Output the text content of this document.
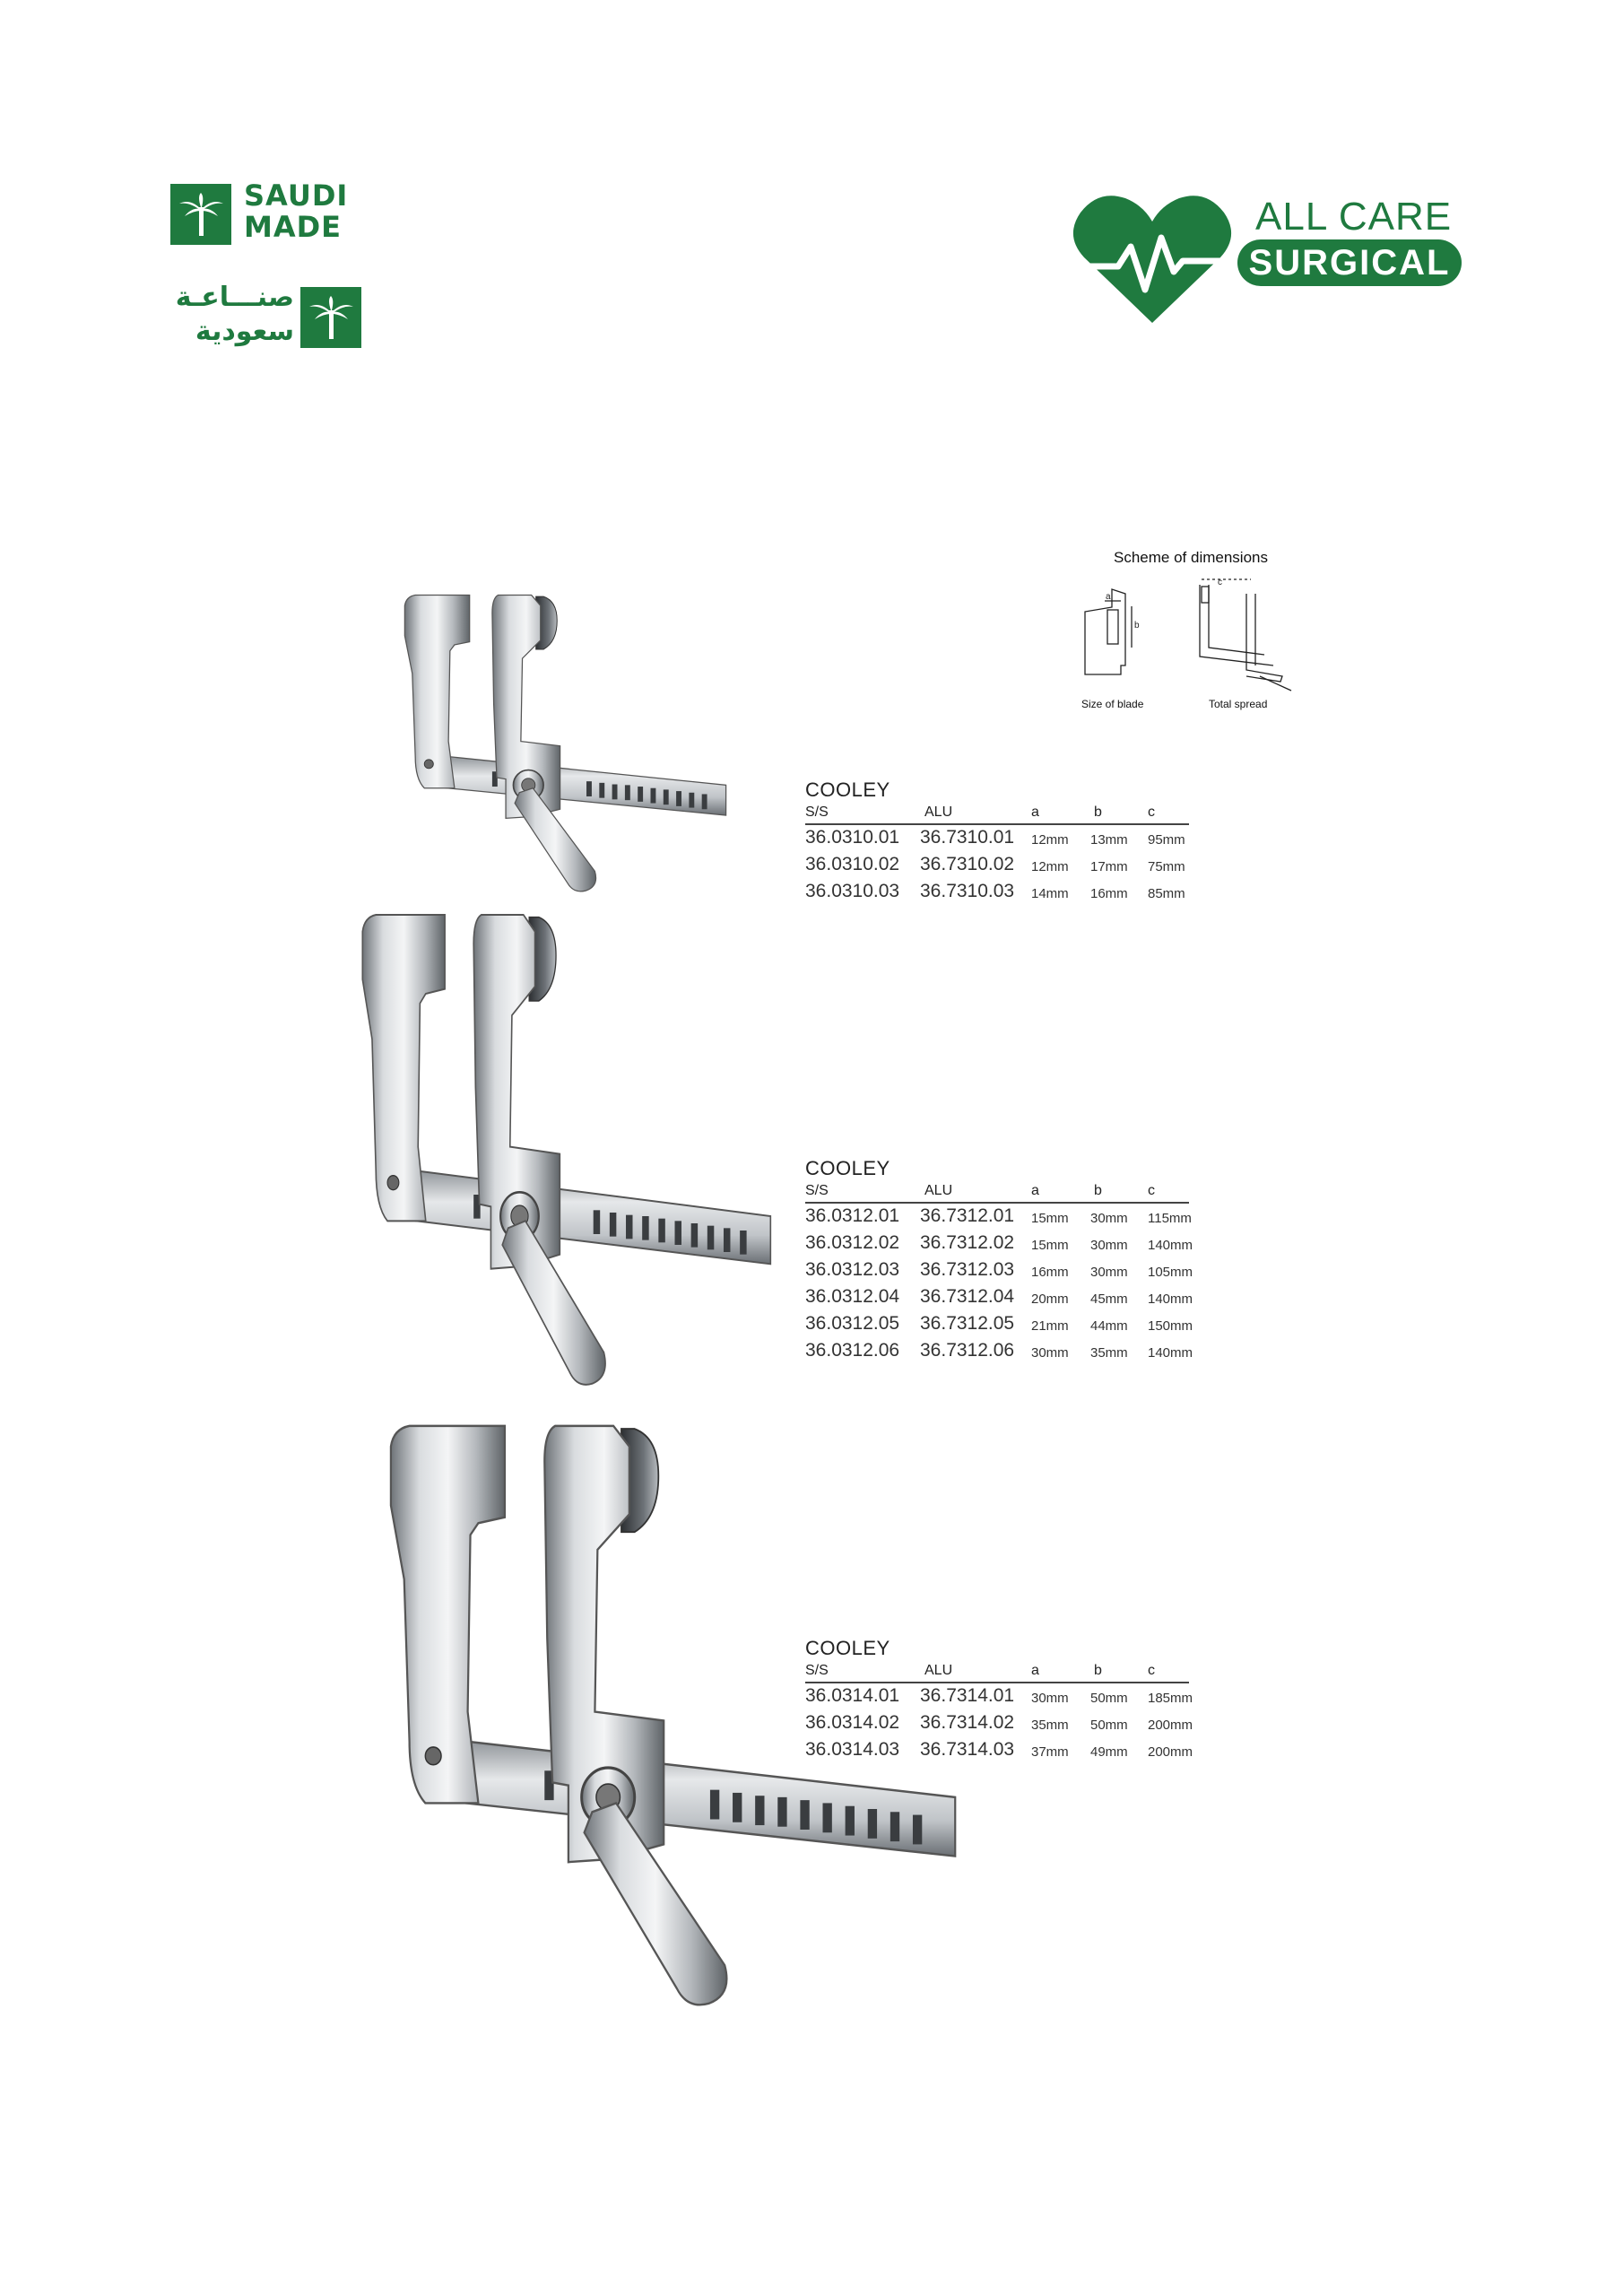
SAUDI
MADE
صنـــاعـة
سعودية
ALL CARE
SURGICAL
Scheme of dimensions
a
b
c
Size of blade	Total spread
COOLEY
S/S	ALU	a	b	c
36.0310.01 36.7310.01 12mm 13mm 95mm
36.0310.02 36.7310.02 12mm 17mm 75mm
36.0310.03 36.7310.03 14mm 16mm 85mm
COOLEY
S/S	ALU	a	b	c
36.0312.01 36.7312.01 15mm 30mm 115mm
36.0312.02 36.7312.02 15mm 30mm 140mm
36.0312.03 36.7312.03 16mm 30mm 105mm
36.0312.04 36.7312.04 20mm 45mm 140mm
36.0312.05 36.7312.05 21mm 44mm 150mm
36.0312.06 36.7312.06 30mm 35mm 140mm
COOLEY
S/S	ALU	a	b	c
36.0314.01 36.7314.01 30mm 50mm 185mm
36.0314.02 36.7314.02 35mm 50mm 200mm
36.0314.03 36.7314.03 37mm 49mm 200mm
